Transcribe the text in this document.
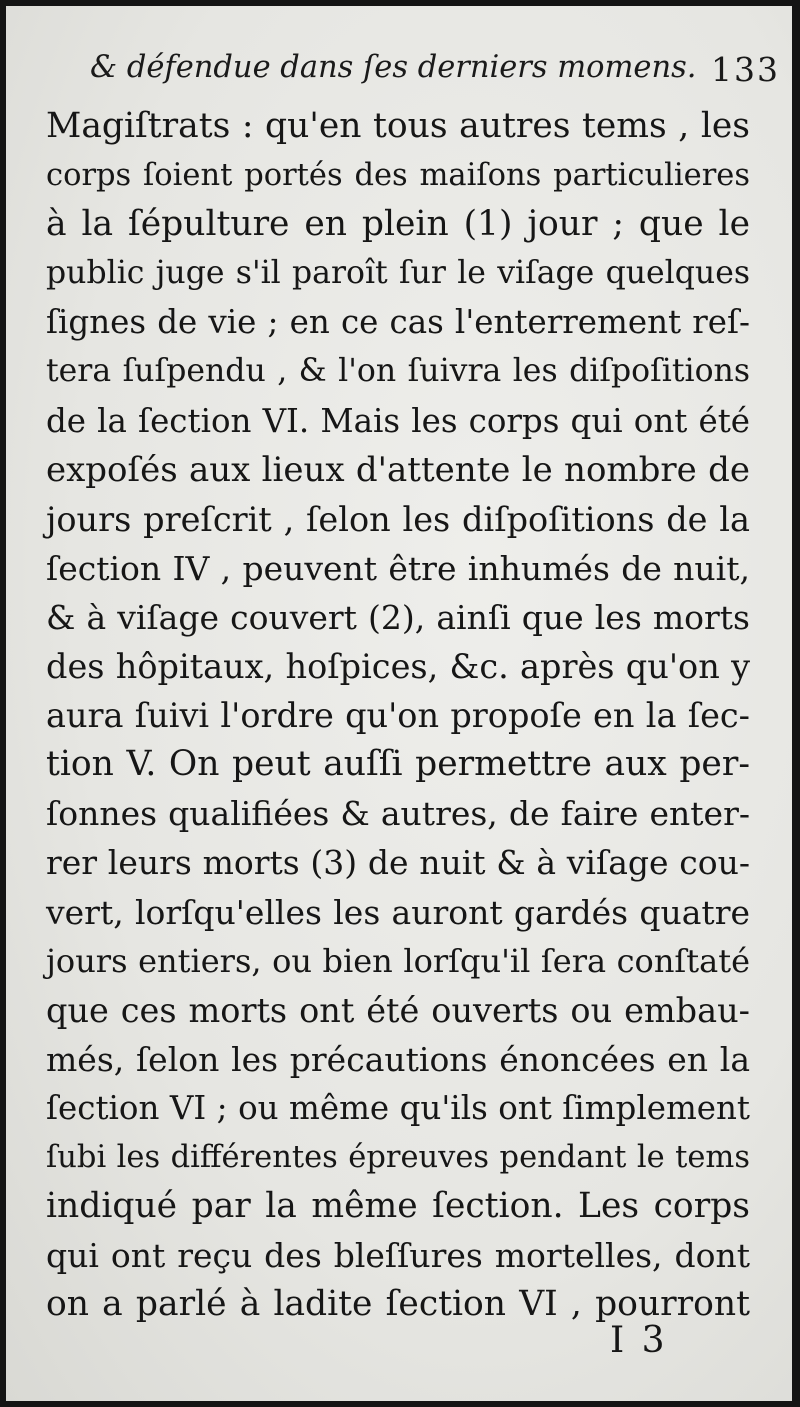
& défendue dans ſes derniers momens. 133
Magiſtrats : qu'en tous autres tems , les
corps ſoient portés des maiſons particulieres
à la ſépulture en plein (1) jour ; que le
public juge s'il paroît ſur le viſage quelques
ſignes de vie ; en ce cas l'enterrement reſ-
tera ſuſpendu , & l'on ſuivra les diſpoſitions
de la ſection VI. Mais les corps qui ont été
expoſés aux lieux d'attente le nombre de
jours preſcrit , ſelon les diſpoſitions de la
ſection IV , peuvent être inhumés de nuit,
& à viſage couvert (2), ainſi que les morts
des hôpitaux, hoſpices, &c. après qu'on y
aura ſuivi l'ordre qu'on propoſe en la ſec-
tion V. On peut auſſi permettre aux per-
ſonnes qualifiées & autres, de faire enter-
rer leurs morts (3) de nuit & à viſage cou-
vert, lorſqu'elles les auront gardés quatre
jours entiers, ou bien lorſqu'il ſera conſtaté
que ces morts ont été ouverts ou embau-
més, ſelon les précautions énoncées en la
ſection VI ; ou même qu'ils ont ſimplement
ſubi les différentes épreuves pendant le tems
indiqué par la même ſection. Les corps
qui ont reçu des bleſſures mortelles, dont
on a parlé à ladite ſection VI , pourront
I 3
